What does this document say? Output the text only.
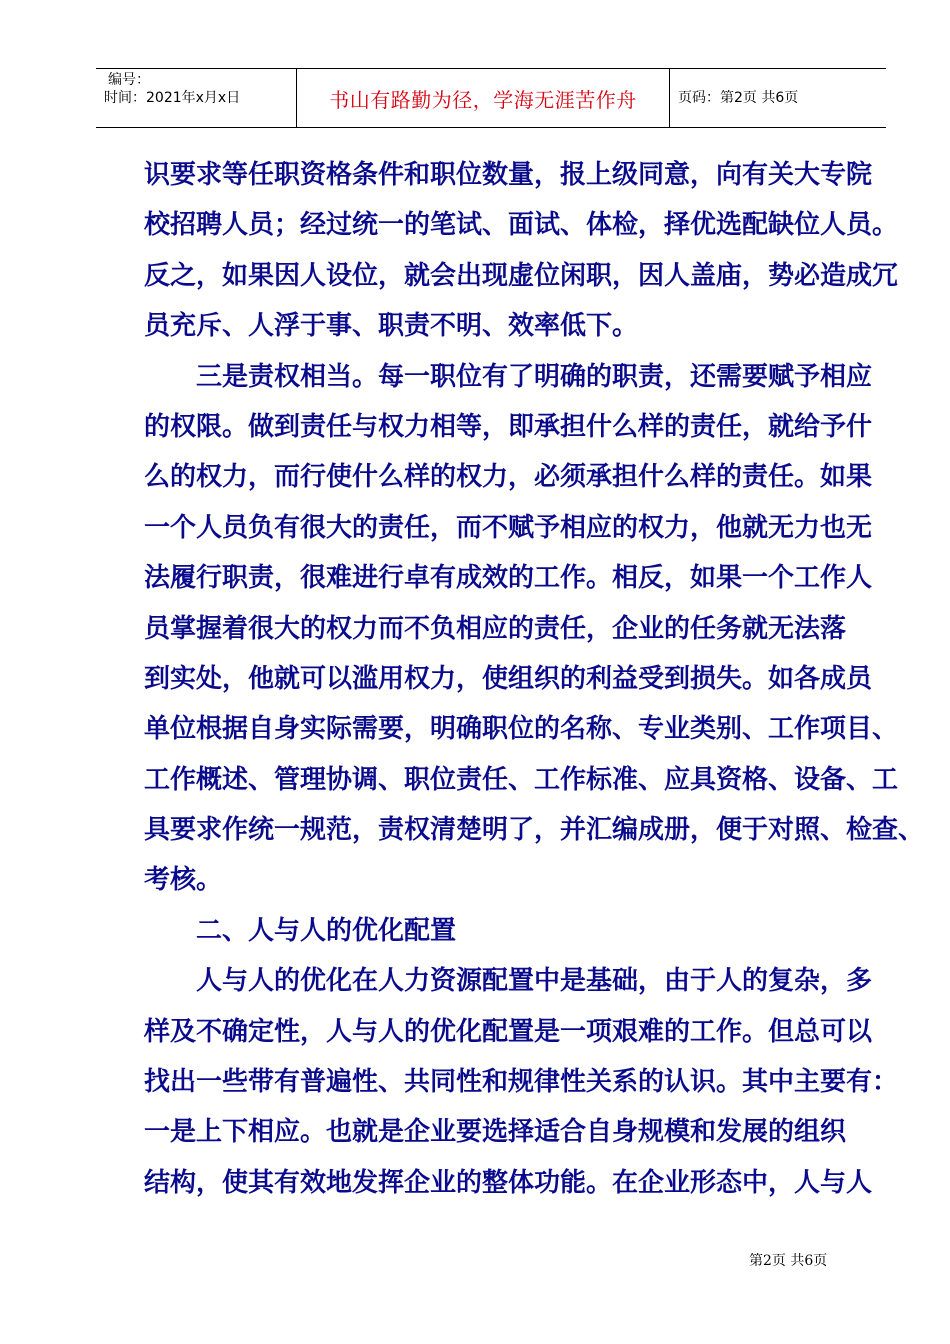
编号：
时间：2021年x月x日	书山有路勤为径，学海无涯苦作舟	页码：第2页 共6页
识要求等任职资格条件和职位数量，报上级同意，向有关大专院
校招聘人员；经过统一的笔试、面试、体检，择优选配缺位人员。
反之，如果因人设位，就会出现虚位闲职，因人盖庙，势必造成冗
员充斥、人浮于事、职责不明、效率低下。
三是责权相当。每一职位有了明确的职责，还需要赋予相应
的权限。做到责任与权力相等，即承担什么样的责任，就给予什
么的权力，而行使什么样的权力，必须承担什么样的责任。如果
一个人员负有很大的责任，而不赋予相应的权力，他就无力也无
法履行职责，很难进行卓有成效的工作。相反，如果一个工作人
员掌握着很大的权力而不负相应的责任，企业的任务就无法落
到实处，他就可以滥用权力，使组织的利益受到损失。如各成员
单位根据自身实际需要，明确职位的名称、专业类别、工作项目、
工作概述、管理协调、职位责任、工作标准、应具资格、设备、工
具要求作统一规范，责权清楚明了，并汇编成册，便于对照、检查、
考核。
二、人与人的优化配置
人与人的优化在人力资源配置中是基础，由于人的复杂，多
样及不确定性，人与人的优化配置是一项艰难的工作。但总可以
找出一些带有普遍性、共同性和规律性关系的认识。其中主要有：
一是上下相应。也就是企业要选择适合自身规模和发展的组织
结构，使其有效地发挥企业的整体功能。在企业形态中，人与人
第2页 共6页
